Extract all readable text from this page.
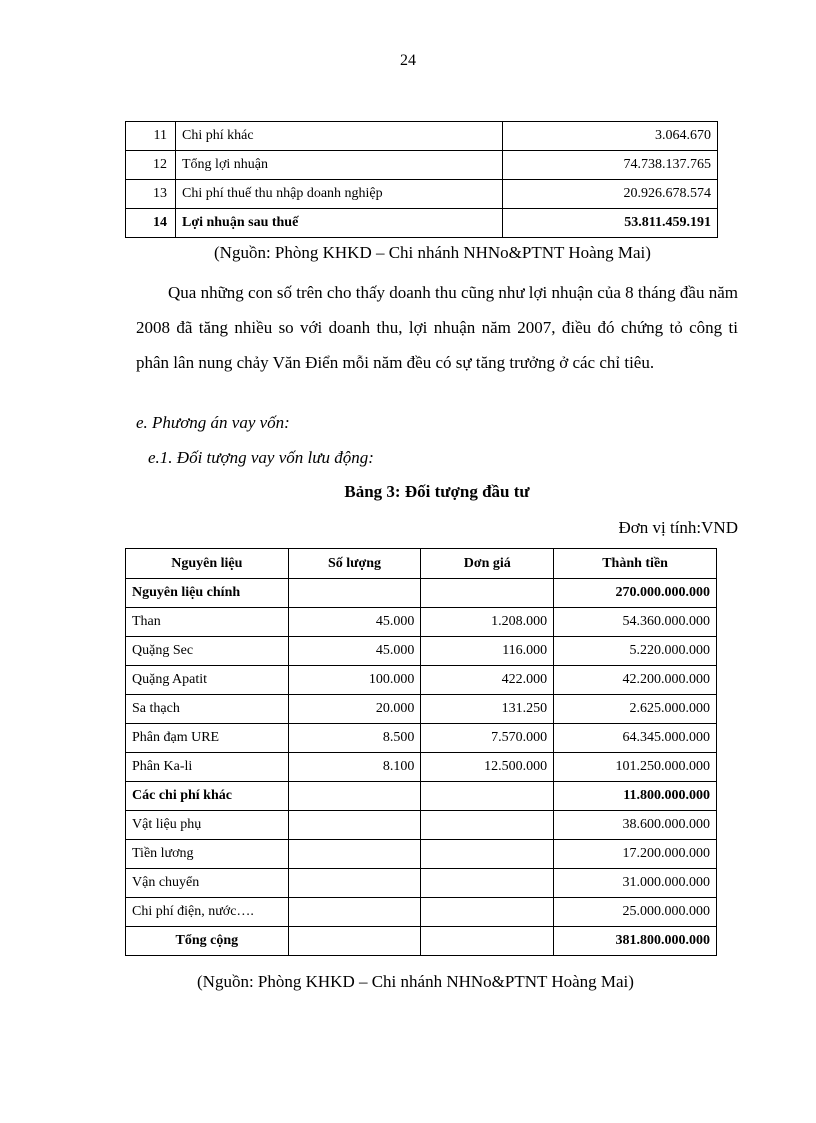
24
11	Chi phí khác	3.064.670
12	Tổng lợi nhuận	74.738.137.765
13	Chi phí thuế thu nhập doanh nghiệp	20.926.678.574
14	Lợi nhuận sau thuế	53.811.459.191
(Nguồn: Phòng KHKD – Chi nhánh NHNo&PTNT Hoàng Mai)

Qua những con số trên cho thấy doanh thu cũng như lợi nhuận của 8 tháng đầu năm 2008 đã tăng nhiều so với doanh thu, lợi nhuận năm 2007, điều đó chứng tỏ công ti phân lân nung chảy Văn Điển mỗi năm đều có sự tăng trưởng ở các chỉ tiêu.

e. Phương án vay vốn:
e.1. Đối tượng vay vốn lưu động:
Bảng 3: Đối tượng đầu tư
Đơn vị tính:VND
Nguyên liệu	Số lượng	Dơn giá	Thành tiền
Nguyên liệu chính			270.000.000.000
Than	45.000	1.208.000	54.360.000.000
Quặng Sec	45.000	116.000	5.220.000.000
Quặng Apatit	100.000	422.000	42.200.000.000
Sa thạch	20.000	131.250	2.625.000.000
Phân đạm URE	8.500	7.570.000	64.345.000.000
Phân Ka-li	8.100	12.500.000	101.250.000.000
Các chi phí khác			11.800.000.000
Vật liệu phụ			38.600.000.000
Tiền lương			17.200.000.000
Vận chuyển			31.000.000.000
Chi phí điện, nước….			25.000.000.000
Tổng cộng			381.800.000.000
(Nguồn: Phòng KHKD – Chi nhánh NHNo&PTNT Hoàng Mai)
